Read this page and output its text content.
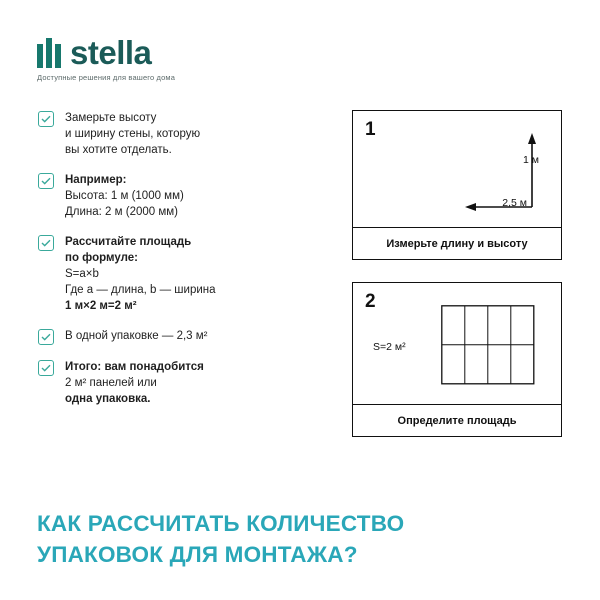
stella
Доступные решения для вашего дома
Замерьте высоту
и ширину стены, которую
вы хотите отделать.
Например:
Высота: 1 м (1000 мм)
Длина: 2 м (2000 мм)
Рассчитайте площадь
по формуле:
S=a×b
Где a — длина, b — ширина
1 м×2 м=2 м²
В одной упаковке — 2,3 м²
Итого: вам понадобится
2 м² панелей или
одна упаковка.
1
1 м
2,5 м
Измерьте длину и высоту
2
S=2 м²
Определите площадь
КАК РАССЧИТАТЬ КОЛИЧЕСТВО
УПАКОВОК ДЛЯ МОНТАЖА?
